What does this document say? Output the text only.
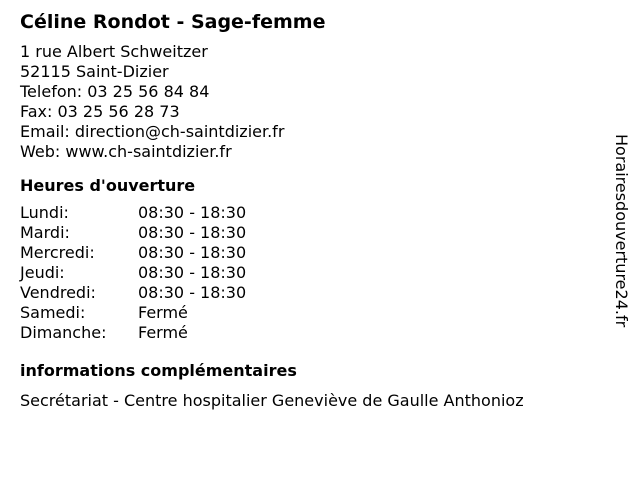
Céline Rondot - Sage-femme
1 rue Albert Schweitzer
52115 Saint-Dizier
Telefon: 03 25 56 84 84
Fax: 03 25 56 28 73
Email: direction@ch-saintdizier.fr
Web: www.ch-saintdizier.fr
Heures d'ouverture
Lundi:	08:30 - 18:30
Mardi:	08:30 - 18:30
Mercredi:	08:30 - 18:30
Jeudi:	08:30 - 18:30
Vendredi:	08:30 - 18:30
Samedi:	Fermé
Dimanche:	Fermé
informations complémentaires
Secrétariat - Centre hospitalier Geneviève de Gaulle Anthonioz
Horairesdouverture24.fr
